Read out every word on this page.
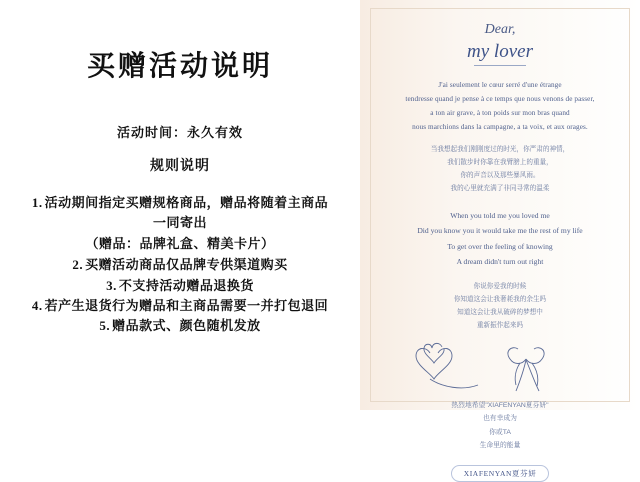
买赠活动说明
活动时间：永久有效
规则说明
1. 活动期间指定买赠规格商品，赠品将随着主商品
一同寄出
（赠品：品牌礼盒、精美卡片）
2. 买赠活动商品仅品牌专供渠道购买
3. 不支持活动赠品退换货
4. 若产生退货行为赠品和主商品需要一并打包退回
5. 赠品款式、颜色随机发放
Dear,
my lover
J'ai seulement le cœur serré d'une étrange
tendresse quand je pense à ce temps que nous venons de passer,
a ton air grave, à ton poids sur mon bras quand
nous marchions dans la campagne, a ta voix, et aux orages.
当我想起我们刚刚度过的时光，你严肃的神情，
我们散步时你靠在我臂膀上的重量，
你的声音以及那些暴风雨。
我的心里就充满了非同寻常的温柔
When you told me you loved me
Did you know you it would take me the rest of my life
To get over the feeling of knowing
A dream didn't turn out right
你说你爱我的时候
你知道这会让我奢耗我的余生吗
知道这会让我从破碎的梦想中
重新振作起来吗
热烈地希望"XIAFENYAN夏芬妍"
也有幸成为
你或TA
生命里的能量
XIAFENYAN夏芬妍
